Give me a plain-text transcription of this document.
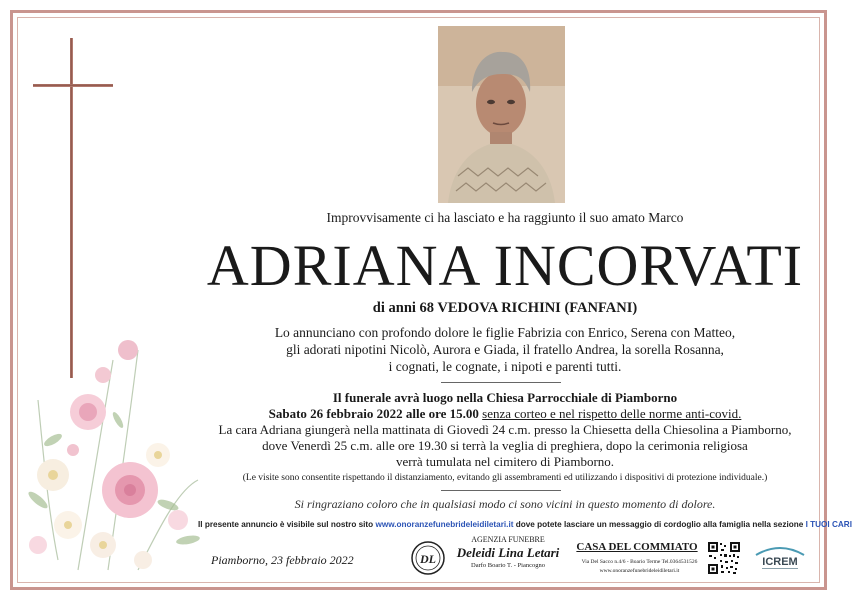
Improvvisamente ci ha lasciato e ha raggiunto il suo amato Marco
ADRIANA INCORVATI
di anni 68 VEDOVA RICHINI (FANFANI)
Lo annunciano con profondo dolore le figlie Fabrizia con Enrico, Serena con Matteo,
gli adorati nipotini Nicolò, Aurora e Giada, il fratello Andrea, la sorella Rosanna,
i cognati, le cognate, i nipoti e parenti tutti.
Il funerale avrà luogo nella Chiesa Parrocchiale di Piamborno
Sabato 26 febbraio 2022 alle ore 15.00 senza corteo e nel rispetto delle norme anti-covid.
La cara Adriana giungerà nella mattinata di Giovedì 24 c.m. presso la Chiesetta della Chiesolina a Piamborno,
dove Venerdì 25 c.m. alle ore 19.30 si terrà la veglia di preghiera, dopo la cerimonia religiosa
verrà tumulata nel cimitero di Piamborno.
(Le visite sono consentite rispettando il distanziamento, evitando gli assembramenti ed utilizzando i dispositivi di protezione individuale.)
Si ringraziano coloro che in qualsiasi modo ci sono vicini in questo momento di dolore.
Il presente annuncio è visibile sul nostro sito www.onoranzefunebrideleidiletari.it dove potete lasciare un messaggio di cordoglio alla famiglia nella sezione I TUOI CARI
Piamborno, 23 febbraio 2022	DL
AGENZIA FUNEBRE
Deleidi Lina Letari
Darfo Boario T. - Piancogno
CASA DEL COMMIATO
Via Del Sacco n.4/6 - Boario Terme Tel.0364531526
www.onoranzefunebrideleidiletari.it
ICREM
